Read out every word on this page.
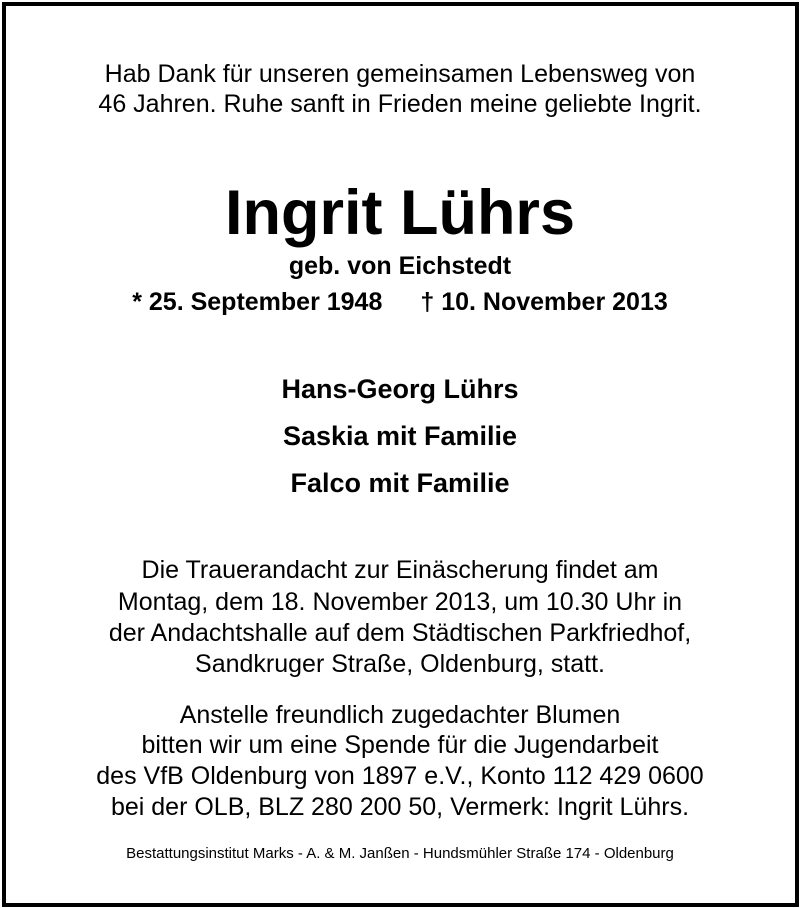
Hab Dank für unseren gemeinsamen Lebensweg von
46 Jahren. Ruhe sanft in Frieden meine geliebte Ingrit.
Ingrit Lührs
geb. von Eichstedt
* 25. September 1948 † 10. November 2013
Hans-Georg Lührs
Saskia mit Familie
Falco mit Familie
Die Trauerandacht zur Einäscherung findet am
Montag, dem 18. November 2013, um 10.30 Uhr in
der Andachtshalle auf dem Städtischen Parkfriedhof,
Sandkruger Straße, Oldenburg, statt.
Anstelle freundlich zugedachter Blumen
bitten wir um eine Spende für die Jugendarbeit
des VfB Oldenburg von 1897 e.V., Konto 112 429 0600
bei der OLB, BLZ 280 200 50, Vermerk: Ingrit Lührs.
Bestattungsinstitut Marks - A. & M. Janßen - Hundsmühler Straße 174 - Oldenburg
